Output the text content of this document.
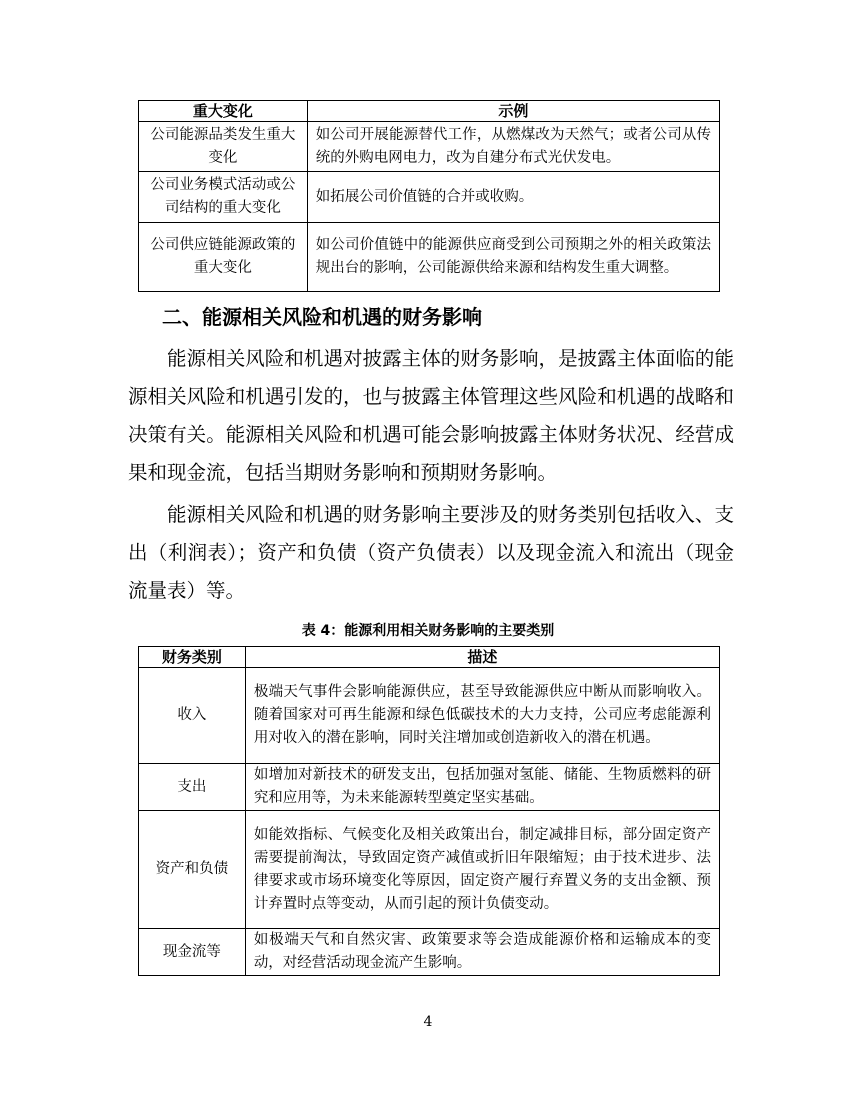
重大变化	示例
公司能源品类发生重大变化	如公司开展能源替代工作，从燃煤改为天然气；或者公司从传统的外购电网电力，改为自建分布式光伏发电。
公司业务模式活动或公司结构的重大变化	如拓展公司价值链的合并或收购。
公司供应链能源政策的重大变化	如公司价值链中的能源供应商受到公司预期之外的相关政策法规出台的影响，公司能源供给来源和结构发生重大调整。
二、能源相关风险和机遇的财务影响
能源相关风险和机遇对披露主体的财务影响，是披露主体面临的能源相关风险和机遇引发的，也与披露主体管理这些风险和机遇的战略和决策有关。能源相关风险和机遇可能会影响披露主体财务状况、经营成果和现金流，包括当期财务影响和预期财务影响。
能源相关风险和机遇的财务影响主要涉及的财务类别包括收入、支出（利润表）；资产和负债（资产负债表）以及现金流入和流出（现金流量表）等。
表 4：能源利用相关财务影响的主要类别
财务类别	描述
收入	极端天气事件会影响能源供应，甚至导致能源供应中断从而影响收入。随着国家对可再生能源和绿色低碳技术的大力支持，公司应考虑能源利用对收入的潜在影响，同时关注增加或创造新收入的潜在机遇。
支出	如增加对新技术的研发支出，包括加强对氢能、储能、生物质燃料的研究和应用等，为未来能源转型奠定坚实基础。
资产和负债	如能效指标、气候变化及相关政策出台，制定减排目标，部分固定资产需要提前淘汰，导致固定资产减值或折旧年限缩短；由于技术进步、法律要求或市场环境变化等原因，固定资产履行弃置义务的支出金额、预计弃置时点等变动，从而引起的预计负债变动。
现金流等	如极端天气和自然灾害、政策要求等会造成能源价格和运输成本的变动，对经营活动现金流产生影响。
4
